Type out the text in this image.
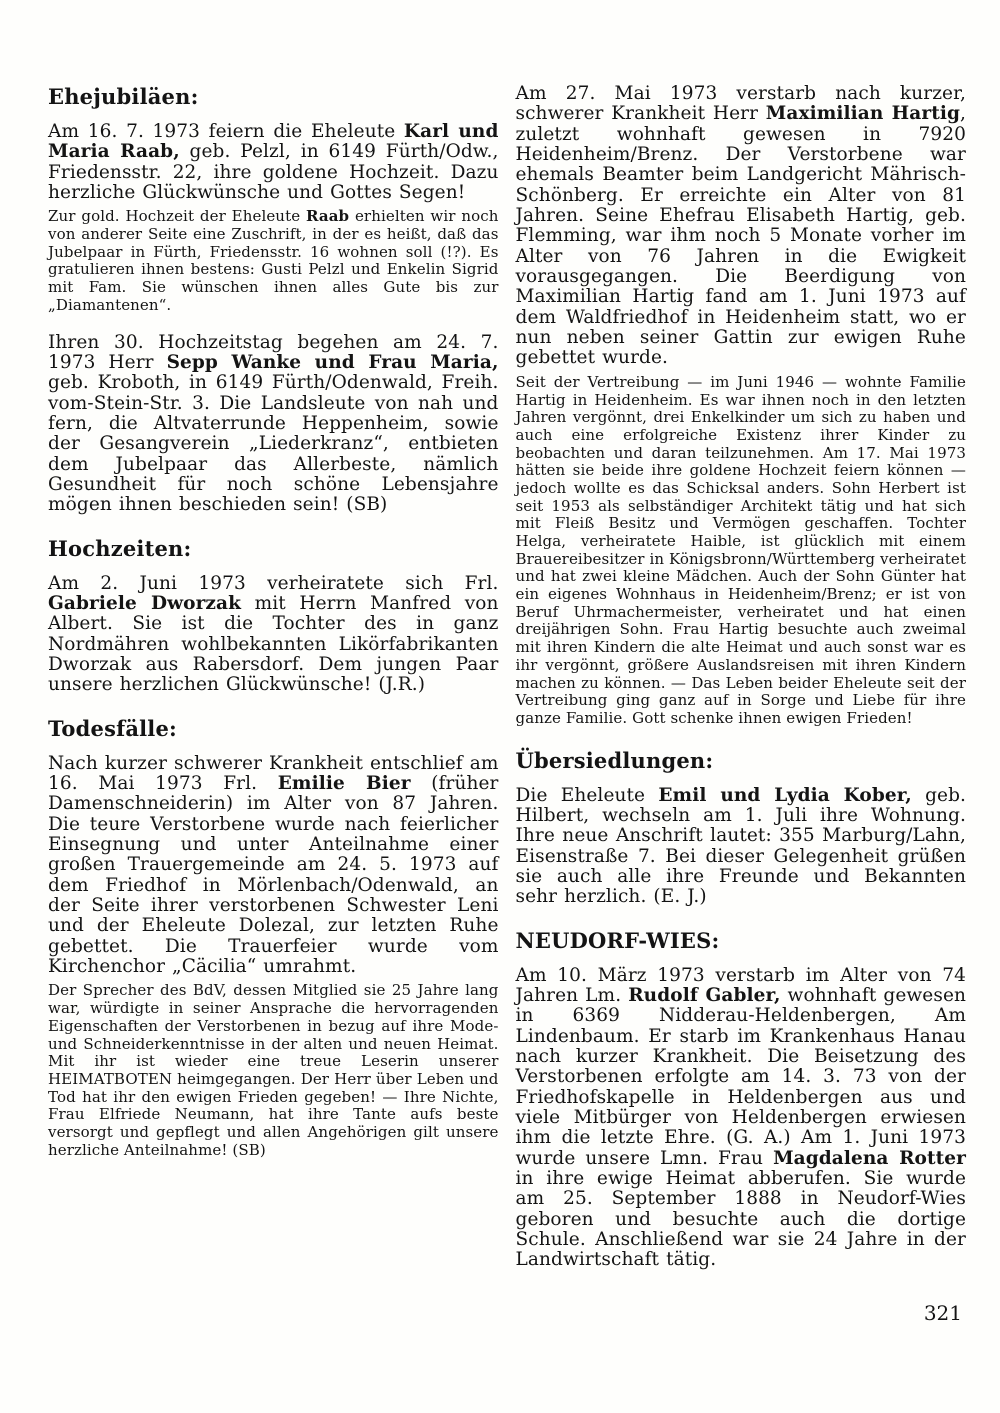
Ehejubiläen:

Am 16. 7. 1973 feiern die Eheleute Karl und Maria Raab, geb. Pelzl, in 6149 Fürth/Odw., Friedensstr. 22, ihre goldene Hochzeit. Dazu herzliche Glückwünsche und Gottes Segen!

Zur gold. Hochzeit der Eheleute Raab erhielten wir noch von anderer Seite eine Zuschrift, in der es heißt, daß das Jubelpaar in Fürth, Friedensstr. 16 wohnen soll (!?). Es gratulieren ihnen bestens: Gusti Pelzl und Enkelin Sigrid mit Fam. Sie wünschen ihnen alles Gute bis zur „Diamantenen“.

Ihren 30. Hochzeitstag begehen am 24. 7. 1973 Herr Sepp Wanke und Frau Maria, geb. Kroboth, in 6149 Fürth/Odenwald, Freih. vom-Stein-Str. 3. Die Landsleute von nah und fern, die Altvaterrunde Heppenheim, sowie der Gesangverein „Liederkranz“, entbieten dem Jubelpaar das Allerbeste, nämlich Gesundheit für noch schöne Lebensjahre mögen ihnen beschieden sein! (SB)

Hochzeiten:

Am 2. Juni 1973 verheiratete sich Frl. Gabriele Dworzak mit Herrn Manfred von Albert. Sie ist die Tochter des in ganz Nordmähren wohlbekannten Likörfabrikanten Dworzak aus Rabersdorf. Dem jungen Paar unsere herzlichen Glückwünsche! (J.R.)

Todesfälle:

Nach kurzer schwerer Krankheit entschlief am 16. Mai 1973 Frl. Emilie Bier (früher Damenschneiderin) im Alter von 87 Jahren. Die teure Verstorbene wurde nach feierlicher Einsegnung und unter Anteilnahme einer großen Trauergemeinde am 24. 5. 1973 auf dem Friedhof in Mörlenbach/Odenwald, an der Seite ihrer verstorbenen Schwester Leni und der Eheleute Dolezal, zur letzten Ruhe gebettet. Die Trauerfeier wurde vom Kirchenchor „Cäcilia“ umrahmt.

Der Sprecher des BdV, dessen Mitglied sie 25 Jahre lang war, würdigte in seiner Ansprache die hervorragenden Eigenschaften der Verstorbenen in bezug auf ihre Mode- und Schneiderkenntnisse in der alten und neuen Heimat. Mit ihr ist wieder eine treue Leserin unserer HEIMATBOTEN heimgegangen. Der Herr über Leben und Tod hat ihr den ewigen Frieden gegeben! — Ihre Nichte, Frau Elfriede Neumann, hat ihre Tante aufs beste versorgt und gepflegt und allen Angehörigen gilt unsere herzliche Anteilnahme! (SB)

Am 27. Mai 1973 verstarb nach kurzer, schwerer Krankheit Herr Maximilian Hartig, zuletzt wohnhaft gewesen in 7920 Heidenheim/Brenz. Der Verstorbene war ehemals Beamter beim Landgericht Mährisch-Schönberg. Er erreichte ein Alter von 81 Jahren. Seine Ehefrau Elisabeth Hartig, geb. Flemming, war ihm noch 5 Monate vorher im Alter von 76 Jahren in die Ewigkeit vorausgegangen. Die Beerdigung von Maximilian Hartig fand am 1. Juni 1973 auf dem Waldfriedhof in Heidenheim statt, wo er nun neben seiner Gattin zur ewigen Ruhe gebettet wurde.

Seit der Vertreibung — im Juni 1946 — wohnte Familie Hartig in Heidenheim. Es war ihnen noch in den letzten Jahren vergönnt, drei Enkelkinder um sich zu haben und auch eine erfolgreiche Existenz ihrer Kinder zu beobachten und daran teilzunehmen. Am 17. Mai 1973 hätten sie beide ihre goldene Hochzeit feiern können — jedoch wollte es das Schicksal anders. Sohn Herbert ist seit 1953 als selbständiger Architekt tätig und hat sich mit Fleiß Besitz und Vermögen geschaffen. Tochter Helga, verheiratete Haible, ist glücklich mit einem Brauereibesitzer in Königsbronn/Württemberg verheiratet und hat zwei kleine Mädchen. Auch der Sohn Günter hat ein eigenes Wohnhaus in Heidenheim/Brenz; er ist von Beruf Uhrmachermeister, verheiratet und hat einen dreijährigen Sohn. Frau Hartig besuchte auch zweimal mit ihren Kindern die alte Heimat und auch sonst war es ihr vergönnt, größere Auslandsreisen mit ihren Kindern machen zu können. — Das Leben beider Eheleute seit der Vertreibung ging ganz auf in Sorge und Liebe für ihre ganze Familie. Gott schenke ihnen ewigen Frieden!

Übersiedlungen:

Die Eheleute Emil und Lydia Kober, geb. Hilbert, wechseln am 1. Juli ihre Wohnung. Ihre neue Anschrift lautet: 355 Marburg/Lahn, Eisenstraße 7. Bei dieser Gelegenheit grüßen sie auch alle ihre Freunde und Bekannten sehr herzlich. (E. J.)

NEUDORF-WIES:

Am 10. März 1973 verstarb im Alter von 74 Jahren Lm. Rudolf Gabler, wohnhaft gewesen in 6369 Nidderau-Heldenbergen, Am Lindenbaum. Er starb im Krankenhaus Hanau nach kurzer Krankheit. Die Beisetzung des Verstorbenen erfolgte am 14. 3. 73 von der Friedhofskapelle in Heldenbergen aus und viele Mitbürger von Heldenbergen erwiesen ihm die letzte Ehre. (G. A.) Am 1. Juni 1973 wurde unsere Lmn. Frau Magdalena Rotter in ihre ewige Heimat abberufen. Sie wurde am 25. September 1888 in Neudorf-Wies geboren und besuchte auch die dortige Schule. Anschließend war sie 24 Jahre in der Landwirtschaft tätig.

321
